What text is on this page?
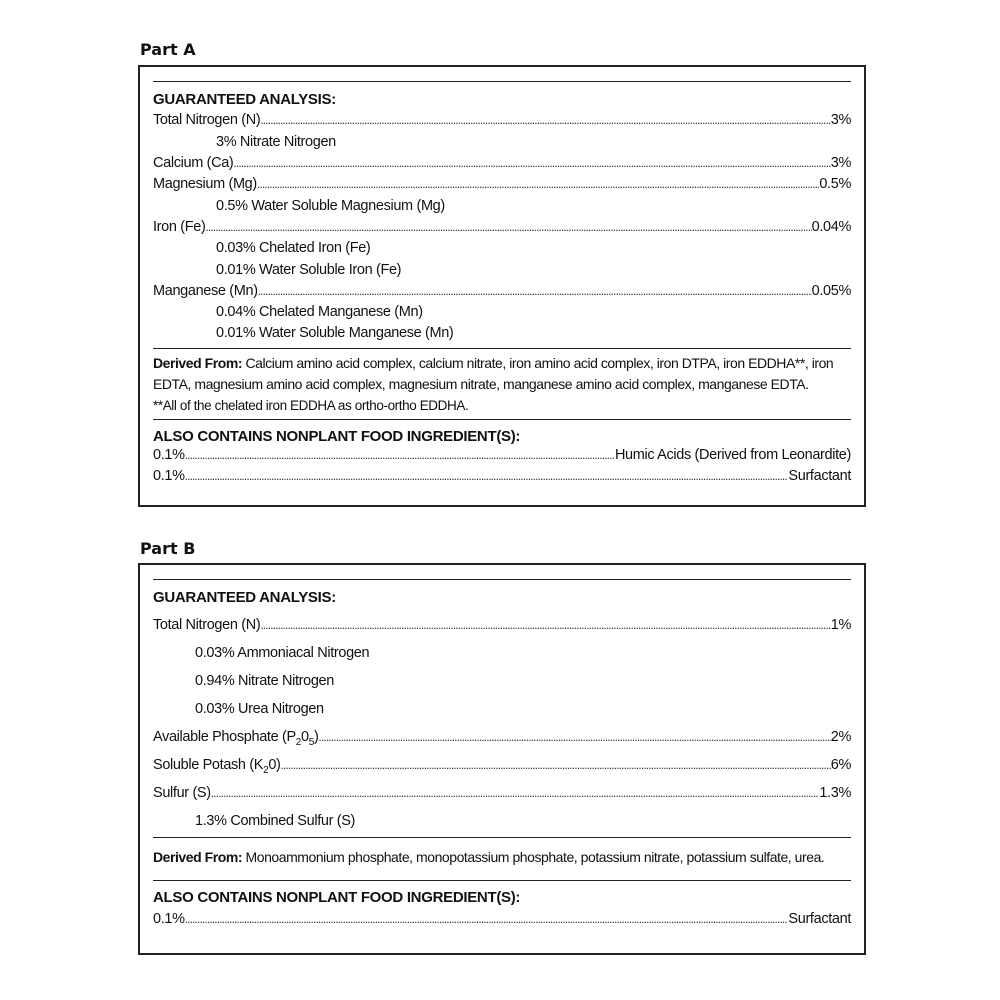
Part A
GUARANTEED ANALYSIS:
Total Nitrogen (N) . . .	3%
3% Nitrate Nitrogen
Calcium (Ca) . . .	3%
Magnesium (Mg) . . .	0.5%
0.5% Water Soluble Magnesium (Mg)
Iron (Fe) . . .	0.04%
0.03% Chelated Iron (Fe)
0.01% Water Soluble Iron (Fe)
Manganese (Mn) . . .	0.05%
0.04% Chelated Manganese (Mn)
0.01% Water Soluble Manganese (Mn)
Derived From: Calcium amino acid complex, calcium nitrate, iron amino acid complex, iron DTPA, iron EDDHA**, iron EDTA, magnesium amino acid complex, magnesium nitrate, manganese amino acid complex, manganese EDTA.
**All of the chelated iron EDDHA as ortho-ortho EDDHA.
ALSO CONTAINS NONPLANT FOOD INGREDIENT(S):
0.1% . . .	Humic Acids (Derived from Leonardite)
0.1% . . .	Surfactant
Part B
GUARANTEED ANALYSIS:
Total Nitrogen (N) . . .	1%
0.03% Ammoniacal Nitrogen
0.94% Nitrate Nitrogen
0.03% Urea Nitrogen
Available Phosphate $(P_20_5)$ . . .	2%
Soluble Potash $(K_20)$ . . .	6%
Sulfur (S) . . .	1.3%
1.3% Combined Sulfur (S)
Derived From: Monoammonium phosphate, monopotassium phosphate, potassium nitrate, potassium sulfate, urea.
ALSO CONTAINS NONPLANT FOOD INGREDIENT(S):
0.1% . . .	Surfactant
